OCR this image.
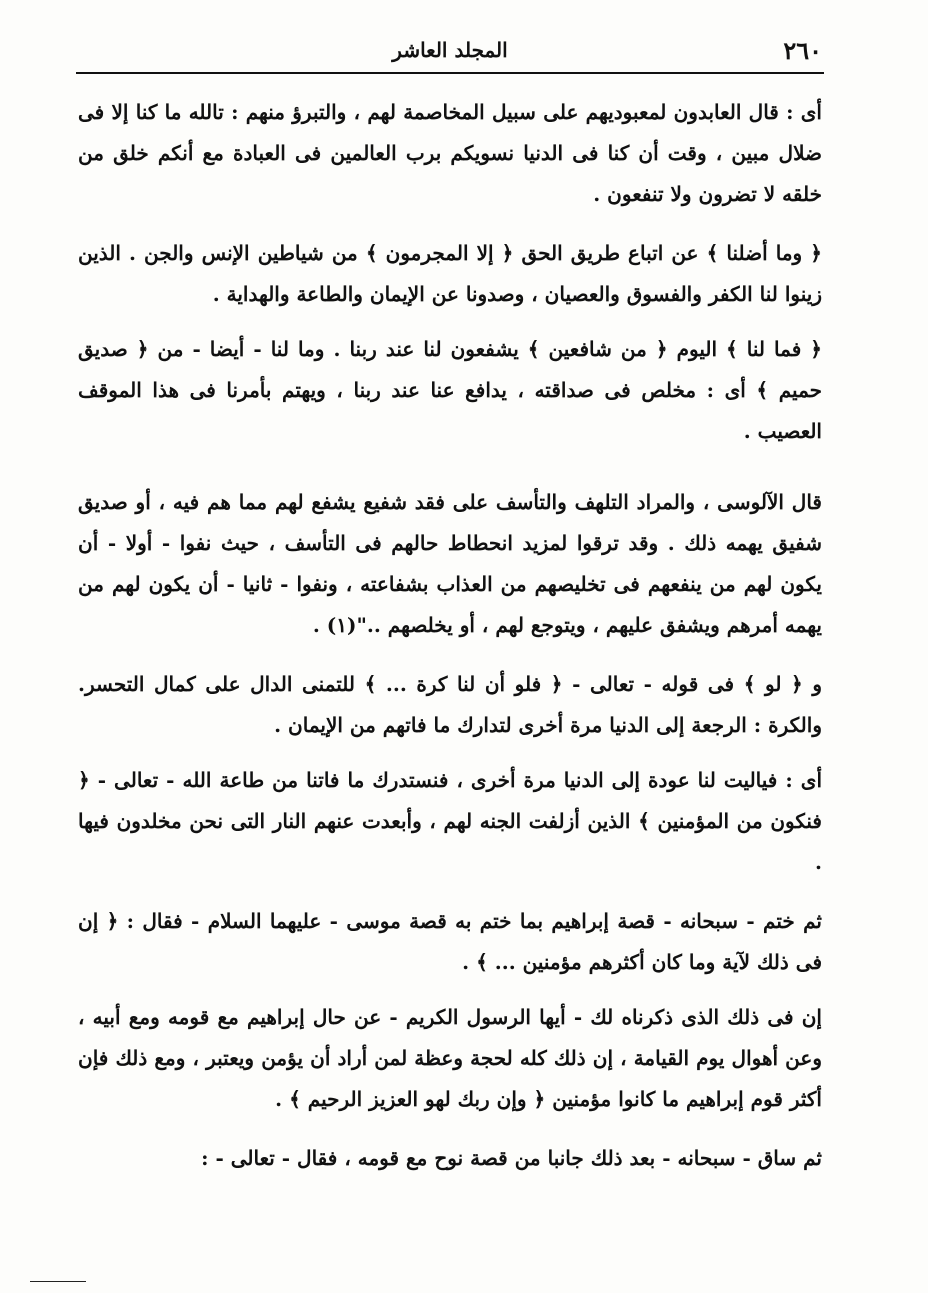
٢٦٠
المجلد العاشر

أى : قال العابدون لمعبوديهم على سبيل المخاصمة لهم ، والتبرؤ منهم : تالله ما كنا إلا فى ضلال مبين ، وقت أن كنا فى الدنيا نسويكم برب العالمين فى العبادة مع أنكم خلق من خلقه لا تضرون ولا تنفعون .

﴿ وما أضلنا ﴾ عن اتباع طريق الحق ﴿ إلا المجرمون ﴾ من شياطين الإنس والجن . الذين زينوا لنا الكفر والفسوق والعصيان ، وصدونا عن الإيمان والطاعة والهداية .

﴿ فما لنا ﴾ اليوم ﴿ من شافعين ﴾ يشفعون لنا عند ربنا . وما لنا - أيضا - من ﴿ صديق حميم ﴾ أى : مخلص فى صداقته ، يدافع عنا عند ربنا ، ويهتم بأمرنا فى هذا الموقف العصيب .

قال الآلوسى ، والمراد التلهف والتأسف على فقد شفيع يشفع لهم مما هم فيه ، أو صديق شفيق يهمه ذلك . وقد ترقوا لمزيد انحطاط حالهم فى التأسف ، حيث نفوا - أولا - أن يكون لهم من ينفعهم فى تخليصهم من العذاب بشفاعته ، ونفوا - ثانيا - أن يكون لهم من يهمه أمرهم ويشفق عليهم ، ويتوجع لهم ، أو يخلصهم .."(١) .

و ﴿ لو ﴾ فى قوله - تعالى - ﴿ فلو أن لنا كرة ... ﴾ للتمنى الدال على كمال التحسر. والكرة : الرجعة إلى الدنيا مرة أخرى لتدارك ما فاتهم من الإيمان .

أى : فياليت لنا عودة إلى الدنيا مرة أخرى ، فنستدرك ما فاتنا من طاعة الله - تعالى - ﴿ فنكون من المؤمنين ﴾ الذين أزلفت الجنه لهم ، وأبعدت عنهم النار التى نحن مخلدون فيها .

ثم ختم - سبحانه - قصة إبراهيم بما ختم به قصة موسى - عليهما السلام - فقال : ﴿ إن فى ذلك لآية وما كان أكثرهم مؤمنين ... ﴾ .

إن فى ذلك الذى ذكرناه لك - أيها الرسول الكريم - عن حال إبراهيم مع قومه ومع أبيه ، وعن أهوال يوم القيامة ، إن ذلك كله لحجة وعظة لمن أراد أن يؤمن ويعتبر ، ومع ذلك فإن أكثر قوم إبراهيم ما كانوا مؤمنين ﴿ وإن ربك لهو العزيز الرحيم ﴾ .

ثم ساق - سبحانه - بعد ذلك جانبا من قصة نوح مع قومه ، فقال - تعالى - :
